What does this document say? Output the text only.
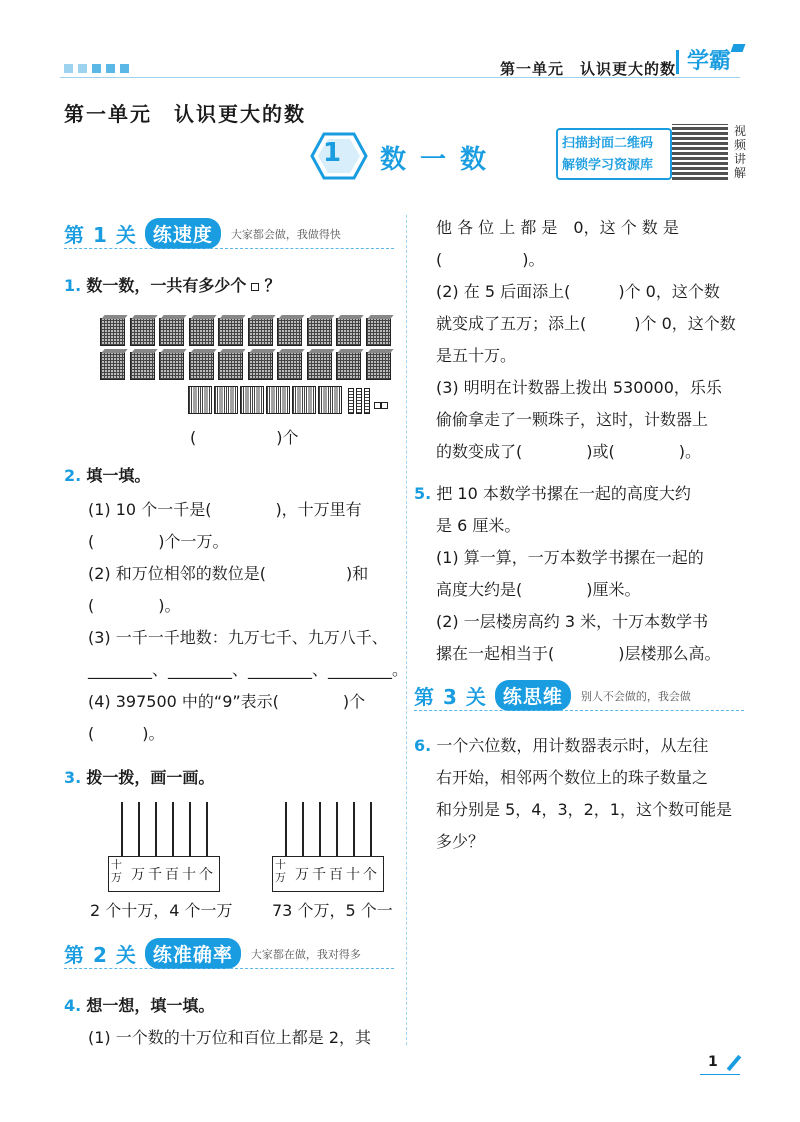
第一单元　认识更大的数 学霸
第一单元　认识更大的数
1 数一数
扫描封面二维码
解锁学习资源库
视频讲解
第 1 关 练速度	大家都会做，我做得快
1. 数一数，一共有多少个 ？
(　　　　　)个
2. 填一填。
(1) 10 个一千是(　　　　)，十万里有
(　　　　)个一万。
(2) 和万位相邻的数位是(　　　　　)和
(　　　　)。
(3) 一千一千地数：九万七千、九万八千、
________、________、________、________。
(4) 397500 中的“9”表示(　　　　)个
(　　　)。
3. 拨一拨，画一画。
十万 万 千 百 十 个
十万 万 千 百 十 个
2 个十万，4 个一万 73 个万，5 个一
第 2 关 练准确率	大家都在做，我对得多
4. 想一想，填一填。
(1) 一个数的十万位和百位上都是 2，其
他 各 位 上 都 是　0，这 个 数 是
(　　　　　)。
(2) 在 5 后面添上(　　　)个 0，这个数
就变成了五万；添上(　　　)个 0，这个数
是五十万。
(3) 明明在计数器上拨出 530000，乐乐
偷偷拿走了一颗珠子，这时，计数器上
的数变成了(　　　　)或(　　　　)。
5. 把 10 本数学书摞在一起的高度大约
是 6 厘米。
(1) 算一算，一万本数学书摞在一起的
高度大约是(　　　　)厘米。
(2) 一层楼房高约 3 米，十万本数学书
摞在一起相当于(　　　　)层楼那么高。
第 3 关 练思维	别人不会做的，我会做
6. 一个六位数，用计数器表示时，从左往
右开始，相邻两个数位上的珠子数量之
和分别是 5，4，3，2，1，这个数可能是
多少？
1
